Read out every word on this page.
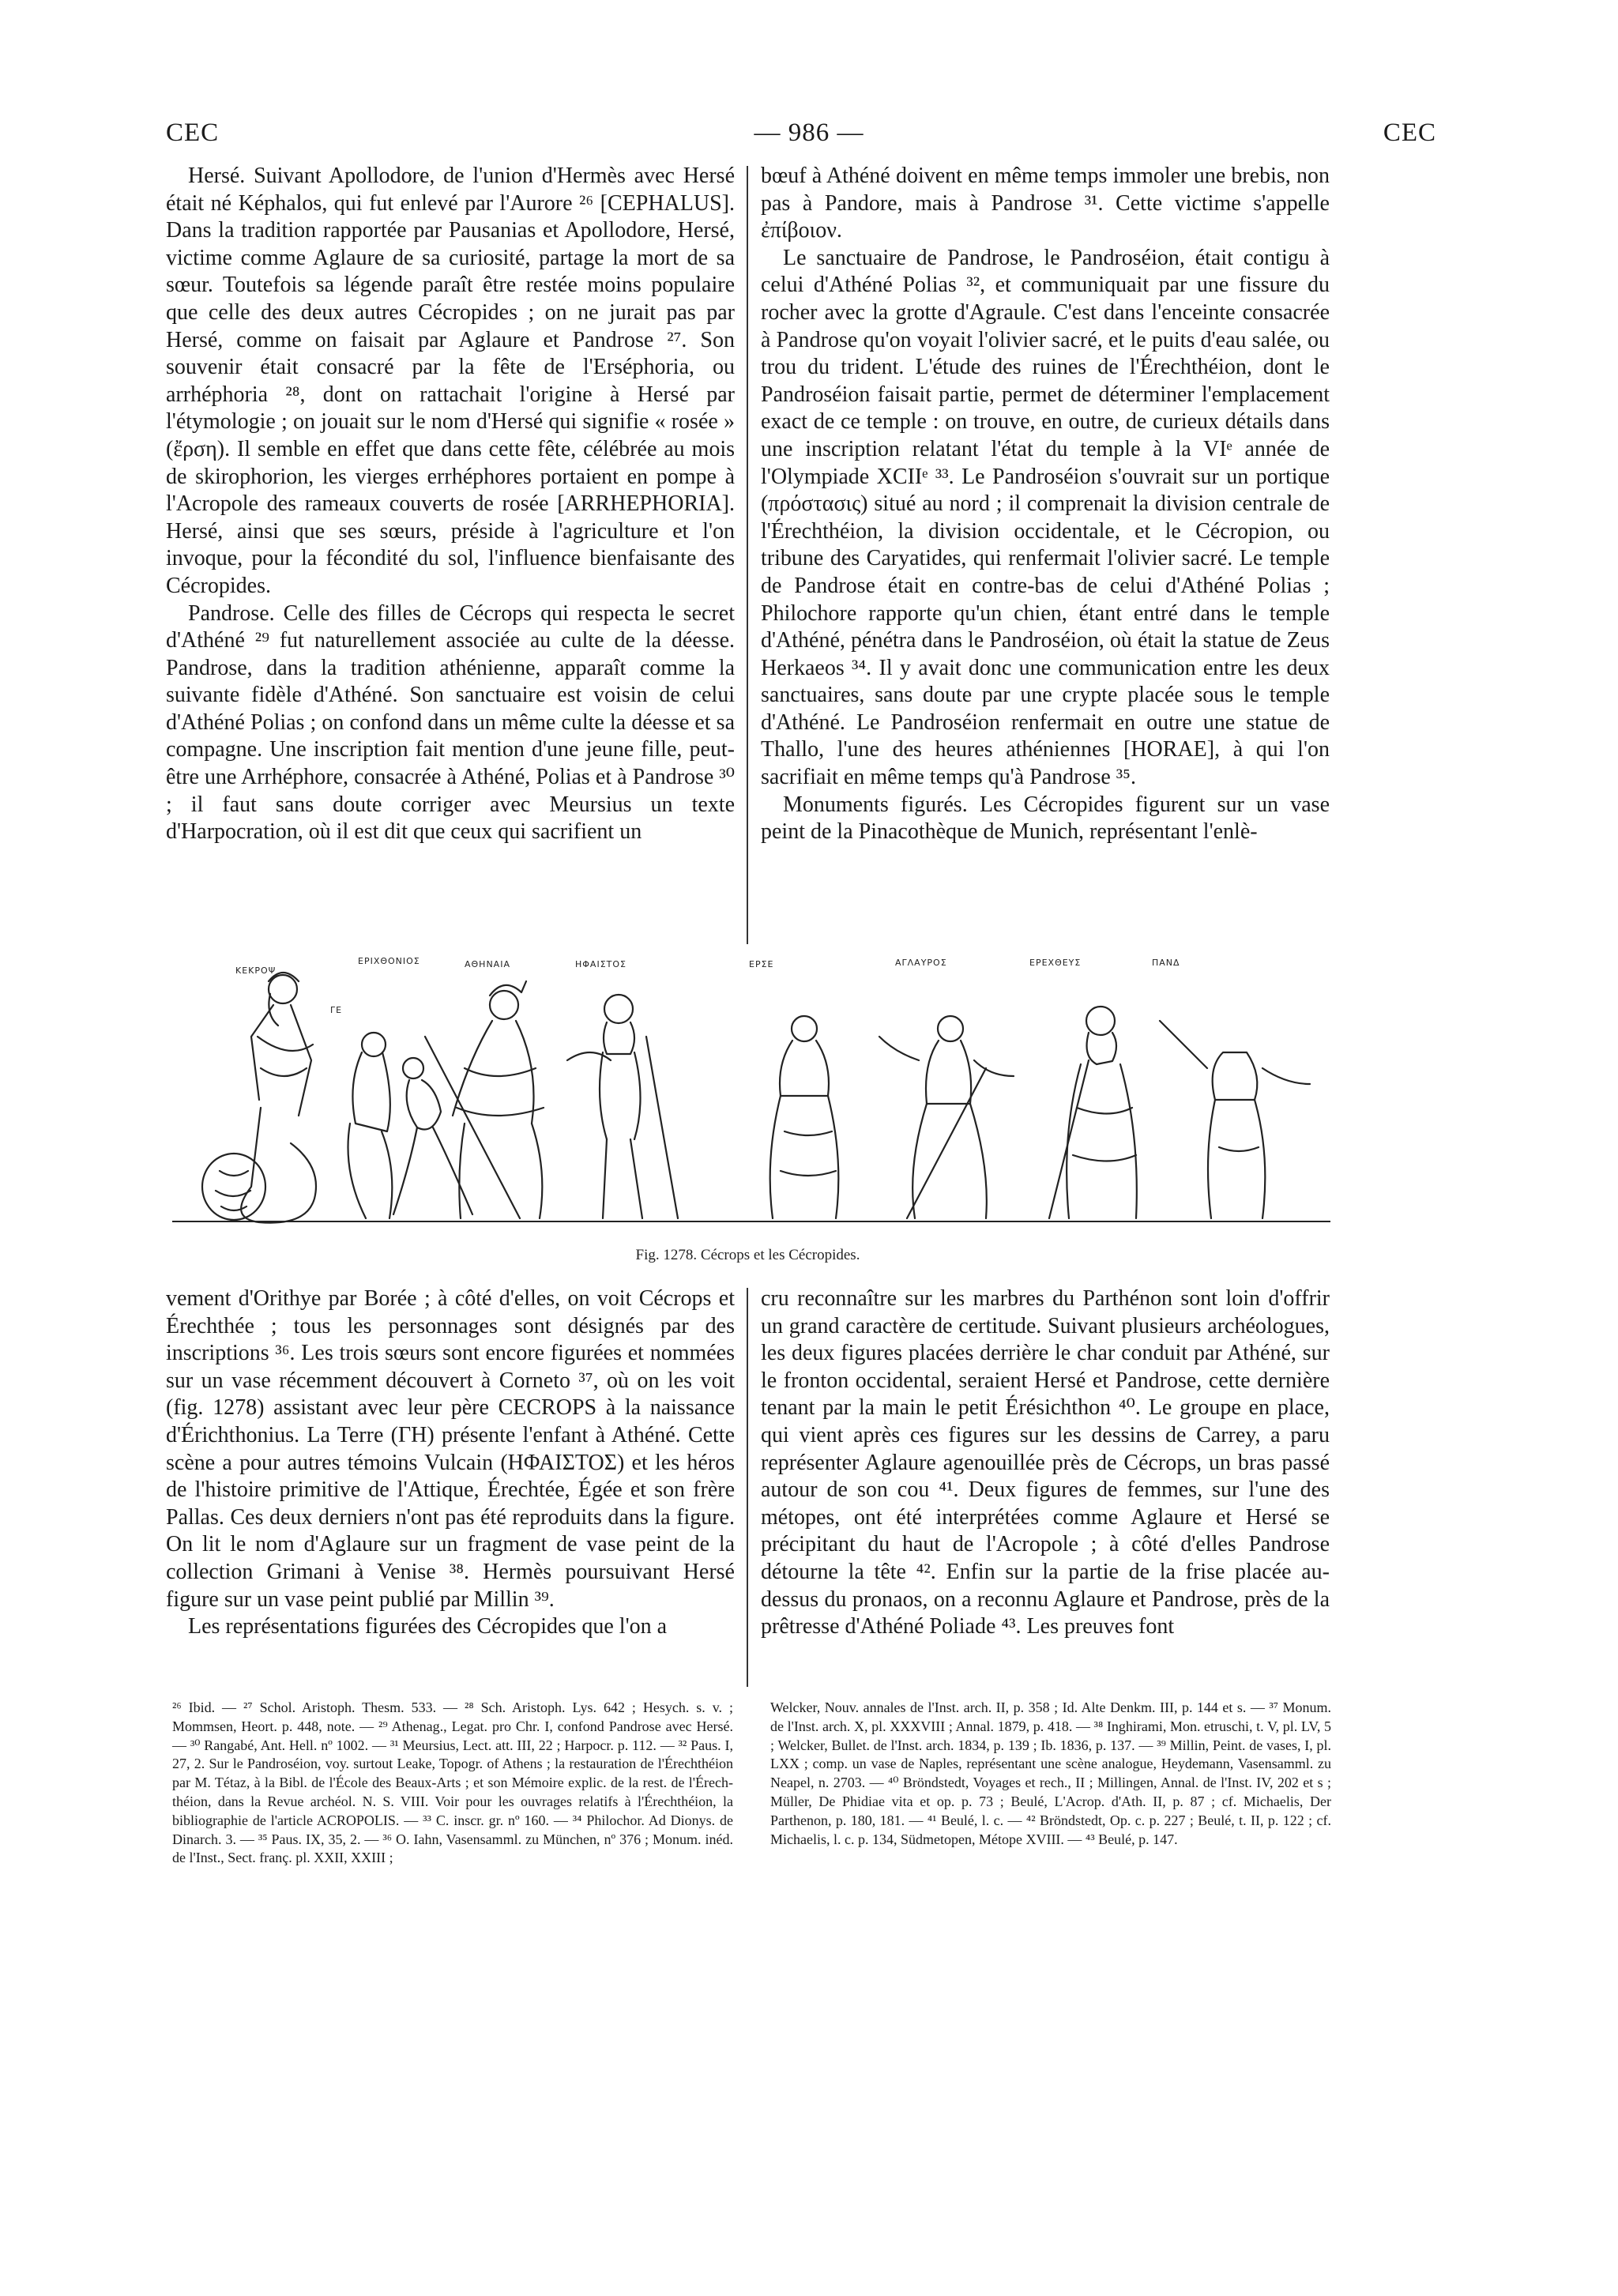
CEC	— 986 —	CEC

Hersé. Suivant Apollodore, de l'union d'Hermès avec Hersé était né Képhalos, qui fut enlevé par l'Aurore ²⁶ [CEPHALUS]. Dans la tradition rapportée par Pausanias et Apollodore, Hersé, victime comme Aglaure de sa curiosité, partage la mort de sa sœur. Toutefois sa légende paraît être restée moins populaire que celle des deux autres Cécropides ; on ne jurait pas par Hersé, comme on faisait par Aglaure et Pandrose ²⁷. Son souvenir était consacré par la fête de l'Erséphoria, ou arrhéphoria ²⁸, dont on rattachait l'origine à Hersé par l'étymologie ; on jouait sur le nom d'Hersé qui signifie « rosée » (ἔρση). Il semble en effet que dans cette fête, célébrée au mois de skirophorion, les vierges errhéphores portaient en pompe à l'Acropole des rameaux couverts de rosée [ARRHEPHORIA]. Hersé, ainsi que ses sœurs, préside à l'agriculture et l'on invoque, pour la fécondité du sol, l'influence bienfaisante des Cécropides.

Pandrose. Celle des filles de Cécrops qui respecta le secret d'Athéné ²⁹ fut naturellement associée au culte de la déesse. Pandrose, dans la tradition athénienne, apparaît comme la suivante fidèle d'Athéné. Son sanctuaire est voisin de celui d'Athéné Polias ; on confond dans un même culte la déesse et sa compagne. Une inscription fait mention d'une jeune fille, peut-être une Arrhéphore, consacrée à Athéné, Polias et à Pandrose ³⁰ ; il faut sans doute corriger avec Meursius un texte d'Harpocration, où il est dit que ceux qui sacrifient un

bœuf à Athéné doivent en même temps immoler une brebis, non pas à Pandore, mais à Pandrose ³¹. Cette victime s'appelle ἐπίβοιον.

Le sanctuaire de Pandrose, le Pandroséion, était contigu à celui d'Athéné Polias ³², et communiquait par une fissure du rocher avec la grotte d'Agraule. C'est dans l'enceinte consacrée à Pandrose qu'on voyait l'olivier sacré, et le puits d'eau salée, ou trou du trident. L'étude des ruines de l'Érechthéion, dont le Pandroséion faisait partie, permet de déterminer l'emplacement exact de ce temple : on trouve, en outre, de curieux détails dans une inscription relatant l'état du temple à la VIᵉ année de l'Olympiade XCIIᵉ ³³. Le Pandroséion s'ouvrait sur un portique (πρόστασις) situé au nord ; il comprenait la division centrale de l'Érechthéion, la division occidentale, et le Cécropion, ou tribune des Caryatides, qui renfermait l'olivier sacré. Le temple de Pandrose était en contre-bas de celui d'Athéné Polias ; Philochore rapporte qu'un chien, étant entré dans le temple d'Athéné, pénétra dans le Pandroséion, où était la statue de Zeus Herkaeos ³⁴. Il y avait donc une communication entre les deux sanctuaires, sans doute par une crypte placée sous le temple d'Athéné. Le Pandroséion renfermait en outre une statue de Thallo, l'une des heures athéniennes [HORAE], à qui l'on sacrifiait en même temps qu'à Pandrose ³⁵.

Monuments figurés. Les Cécropides figurent sur un vase peint de la Pinacothèque de Munich, représentant l'enlè-

ΚΕΚΡΟΨ
ΕΡΙΧΘΟΝΙΟΣ	ΑΘΗΝΑΙΑ	ΗΦΑΙΣΤΟΣ	ΕΡΣΕ	ΑΓΛΑΥΡΟΣ	ΕΡΕΧΘΕΥΣ	ΠΑΝΔ
ΓΕ
Fig. 1278. Cécrops et les Cécropides.

vement d'Orithye par Borée ; à côté d'elles, on voit Cécrops et Érechthée ; tous les personnages sont désignés par des inscriptions ³⁶. Les trois sœurs sont encore figurées et nommées sur un vase récemment découvert à Corneto ³⁷, où on les voit (fig. 1278) assistant avec leur père CECROPS à la naissance d'Érichthonius. La Terre (ΓΗ) présente l'enfant à Athéné. Cette scène a pour autres témoins Vulcain (ΗΦΑΙΣΤΟΣ) et les héros de l'histoire primitive de l'Attique, Érechtée, Égée et son frère Pallas. Ces deux derniers n'ont pas été reproduits dans la figure. On lit le nom d'Aglaure sur un fragment de vase peint de la collection Grimani à Venise ³⁸. Hermès poursuivant Hersé figure sur un vase peint publié par Millin ³⁹.

Les représentations figurées des Cécropides que l'on a

cru reconnaître sur les marbres du Parthénon sont loin d'offrir un grand caractère de certitude. Suivant plusieurs archéologues, les deux figures placées derrière le char conduit par Athéné, sur le fronton occidental, seraient Hersé et Pandrose, cette dernière tenant par la main le petit Érésichthon ⁴⁰. Le groupe en place, qui vient après ces figures sur les dessins de Carrey, a paru représenter Aglaure agenouillée près de Cécrops, un bras passé autour de son cou ⁴¹. Deux figures de femmes, sur l'une des métopes, ont été interprétées comme Aglaure et Hersé se précipitant du haut de l'Acropole ; à côté d'elles Pandrose détourne la tête ⁴². Enfin sur la partie de la frise placée au-dessus du pronaos, on a reconnu Aglaure et Pandrose, près de la prêtresse d'Athéné Poliade ⁴³. Les preuves font

²⁶ Ibid. — ²⁷ Schol. Aristoph. Thesm. 533. — ²⁸ Sch. Aristoph. Lys. 642 ; Hesych. s. v. ; Mommsen, Heort. p. 448, note. — ²⁹ Athenag., Legat. pro Chr. I, confond Pandrose avec Hersé. — ³⁰ Rangabé, Ant. Hell. nº 1002. — ³¹ Meursius, Lect. att. III, 22 ; Harpocr. p. 112. — ³² Paus. I, 27, 2. Sur le Pandroséion, voy. surtout Leake, Topogr. of Athens ; la restauration de l'Érechthéion par M. Tétaz, à la Bibl. de l'École des Beaux-Arts ; et son Mémoire explic. de la rest. de l'Érechthéion, dans la Revue archéol. N. S. VIII. Voir pour les ouvrages relatifs à l'Érechthéion, la bibliographie de l'article ACROPOLIS. — ³³ C. inscr. gr. nº 160. — ³⁴ Philochor. Ad Dionys. de Dinarch. 3. — ³⁵ Paus. IX, 35, 2. — ³⁶ O. Iahn, Vasensamml. zu München, nº 376 ; Monum. inéd. de l'Inst., Sect. franç. pl. XXII, XXIII ;

Welcker, Nouv. annales de l'Inst. arch. II, p. 358 ; Id. Alte Denkm. III, p. 144 et s. — ³⁷ Monum. de l'Inst. arch. X, pl. XXXVIII ; Annal. 1879, p. 418. — ³⁸ Inghirami, Mon. etruschi, t. V, pl. LV, 5 ; Welcker, Bullet. de l'Inst. arch. 1834, p. 139 ; Ib. 1836, p. 137. — ³⁹ Millin, Peint. de vases, I, pl. LXX ; comp. un vase de Naples, représentant une scène analogue, Heydemann, Vasensamml. zu Neapel, n. 2703. — ⁴⁰ Bröndstedt, Voyages et rech., II ; Millingen, Annal. de l'Inst. IV, 202 et s ; Müller, De Phidiae vita et op. p. 73 ; Beulé, L'Acrop. d'Ath. II, p. 87 ; cf. Michaelis, Der Parthenon, p. 180, 181. — ⁴¹ Beulé, l. c. — ⁴² Bröndstedt, Op. c. p. 227 ; Beulé, t. II, p. 122 ; cf. Michaelis, l. c. p. 134, Südmetopen, Métope XVIII. — ⁴³ Beulé, p. 147.
